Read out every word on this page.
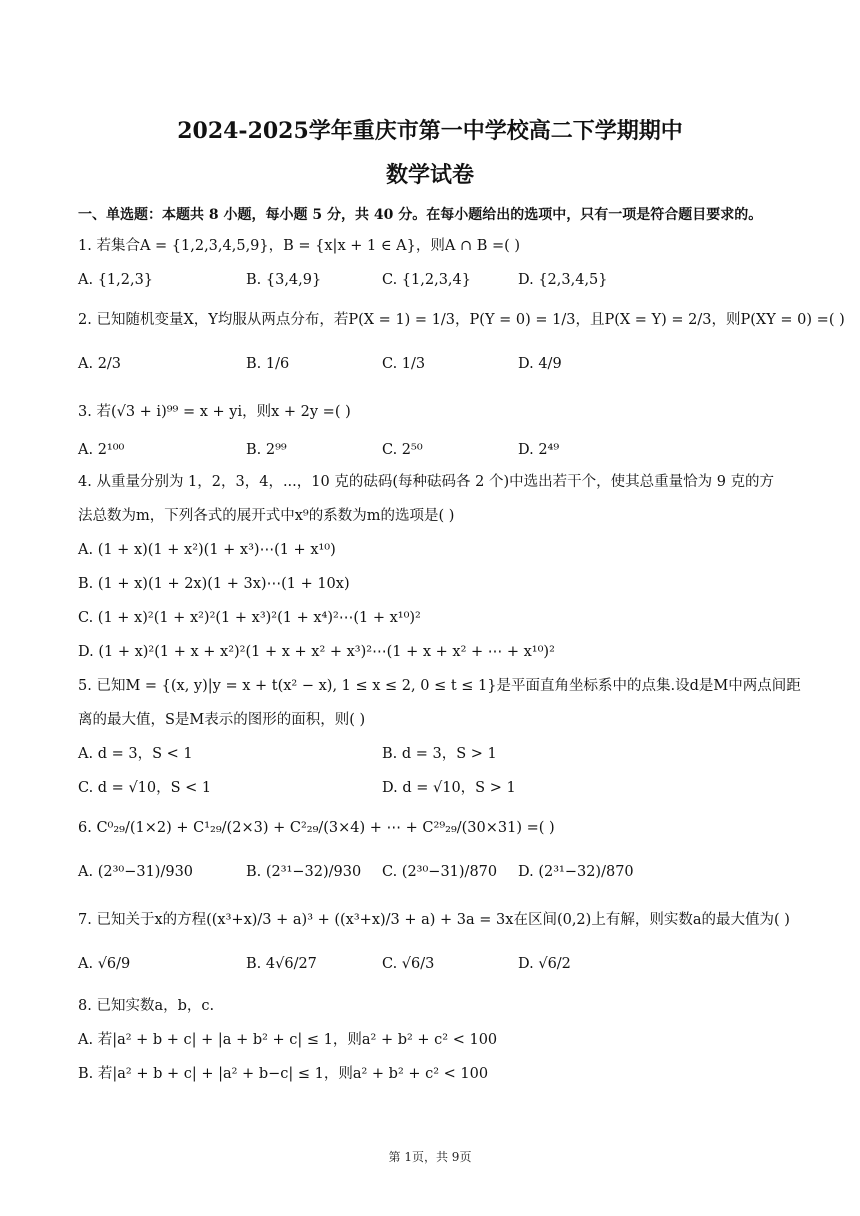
2024-2025学年重庆市第一中学校高二下学期期中
数学试卷
一、单选题：本题共 8 小题，每小题 5 分，共 40 分。在每小题给出的选项中，只有一项是符合题目要求的。
1. 若集合A = {1,2,3,4,5,9}，B = {x|x + 1 ∈ A}，则A ∩ B =( )
A. {1,2,3}	B. {3,4,9}	C. {1,2,3,4}	D. {2,3,4,5}
2. 已知随机变量X，Y均服从两点分布，若P(X = 1) = 1/3，P(Y = 0) = 1/3，且P(X = Y) = 2/3，则P(XY = 0) =( )
A. 2/3	B. 1/6	C. 1/3	D. 4/9
3. 若(√3 + i)⁹⁹ = x + yi，则x + 2y =( )
A. 2¹⁰⁰	B. 2⁹⁹	C. 2⁵⁰	D. 2⁴⁹
4. 从重量分别为 1，2，3，4，...，10 克的砝码(每种砝码各 2 个)中选出若干个，使其总重量恰为 9 克的方
法总数为m，下列各式的展开式中x⁹的系数为m的选项是( )
A. (1 + x)(1 + x²)(1 + x³)⋯(1 + x¹⁰)
B. (1 + x)(1 + 2x)(1 + 3x)⋯(1 + 10x)
C. (1 + x)²(1 + x²)²(1 + x³)²(1 + x⁴)²⋯(1 + x¹⁰)²
D. (1 + x)²(1 + x + x²)²(1 + x + x² + x³)²⋯(1 + x + x² + ⋯ + x¹⁰)²
5. 已知M = {(x, y)|y = x + t(x² − x), 1 ≤ x ≤ 2, 0 ≤ t ≤ 1}是平面直角坐标系中的点集.设d是M中两点间距
离的最大值，S是M表示的图形的面积，则( )
A. d = 3，S < 1	B. d = 3，S > 1
C. d = √10，S < 1	D. d = √10，S > 1
6. C⁰₂₉/(1×2) + C¹₂₉/(2×3) + C²₂₉/(3×4) + ⋯ + C²⁹₂₉/(30×31) =( )
A. (2³⁰−31)/930	B. (2³¹−32)/930 C. (2³⁰−31)/870 D. (2³¹−32)/870
7. 已知关于x的方程((x³+x)/3 + a)³ + ((x³+x)/3 + a) + 3a = 3x在区间(0,2)上有解，则实数a的最大值为( )
A. √6/9	B. 4√6/27	C. √6/3	D. √6/2
8. 已知实数a，b，c.
A. 若|a² + b + c| + |a + b² + c| ≤ 1，则a² + b² + c² < 100
B. 若|a² + b + c| + |a² + b−c| ≤ 1，则a² + b² + c² < 100
第 1页，共 9页
